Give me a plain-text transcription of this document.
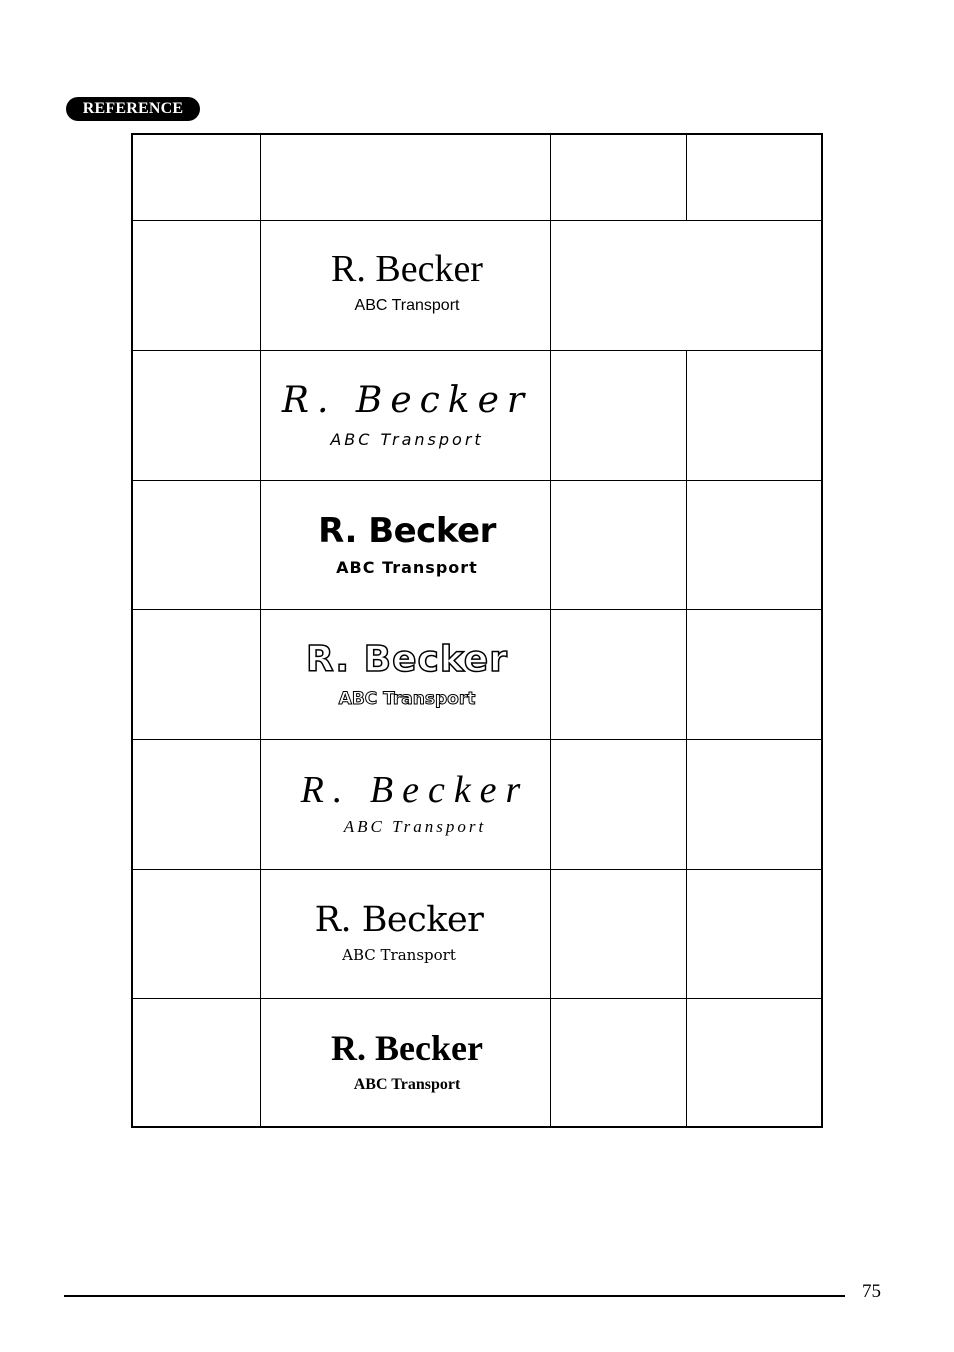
REFERENCE
R. Becker
ABC Transport
R. Becker
ABC Transport
R. Becker
ABC Transport
R. Becker
ABC Transport
R. Becker
ABC Transport
R. Becker
ABC Transport
R. Becker
ABC Transport
75
